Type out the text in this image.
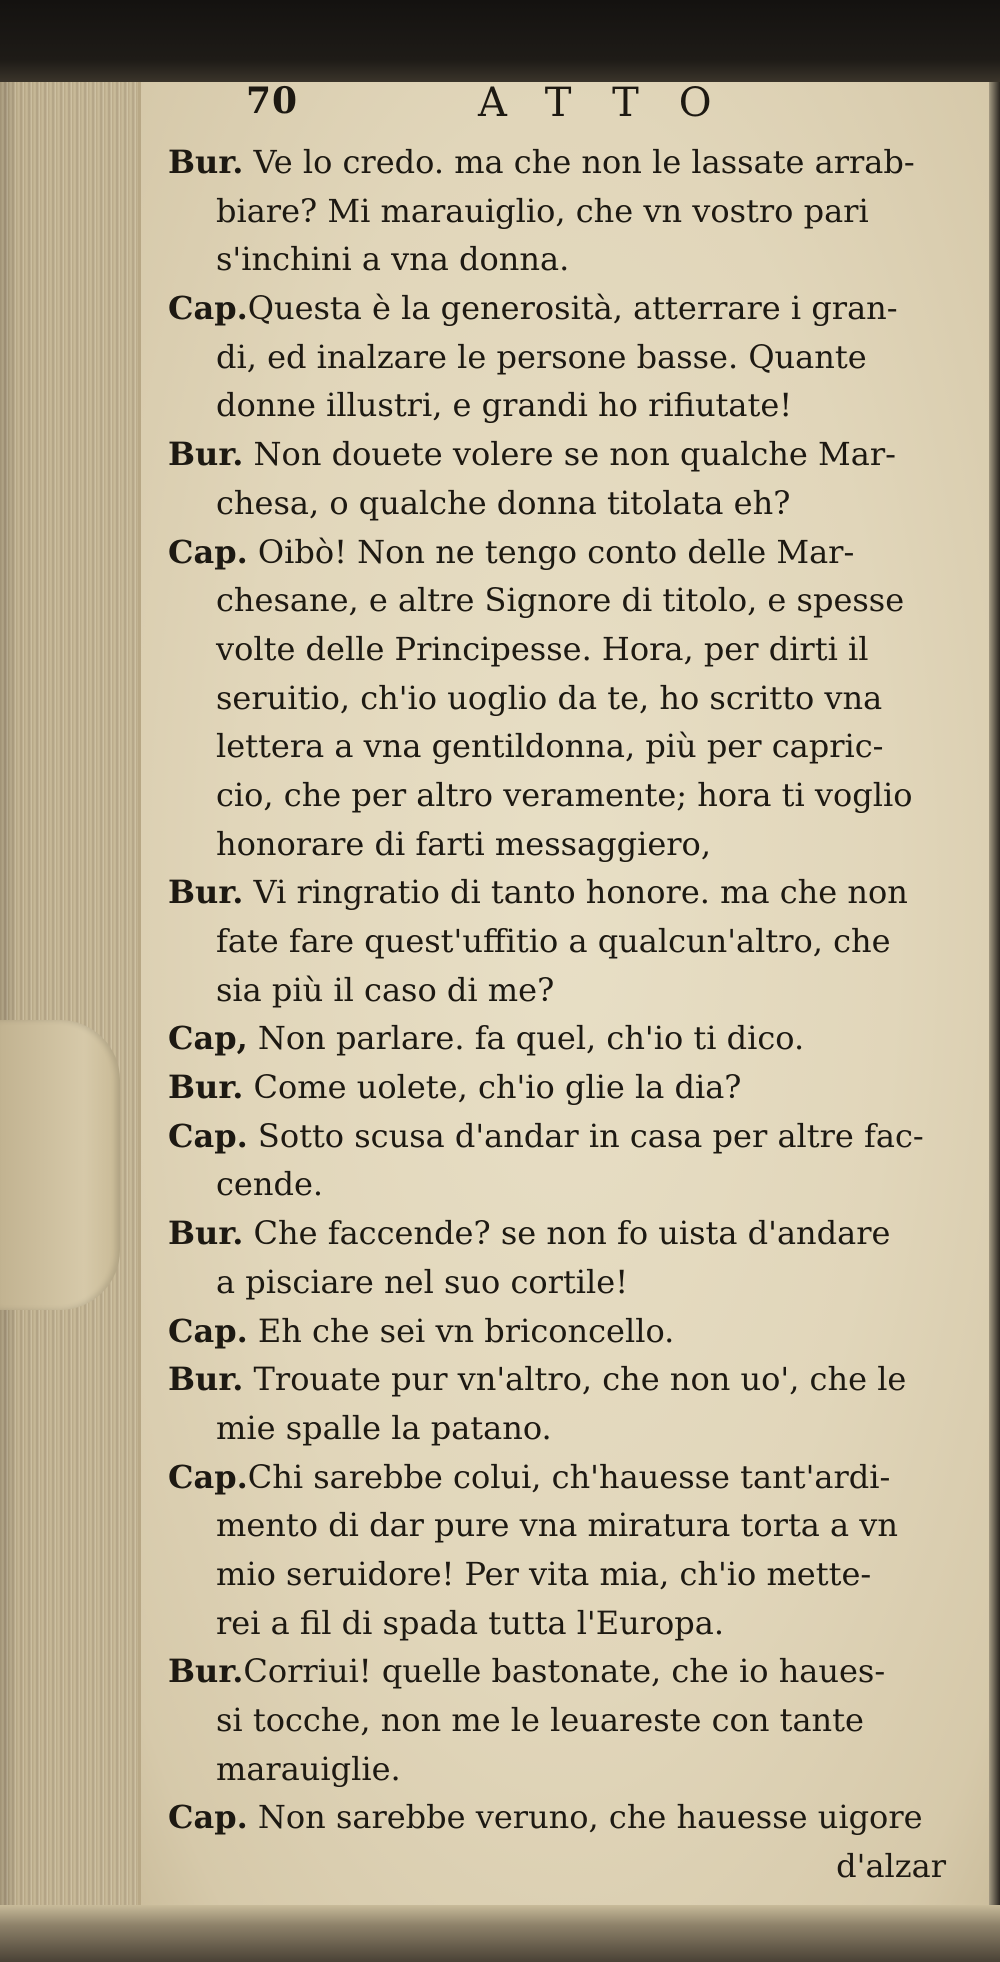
70	ATTO
Bur. Ve lo credo. ma che non le lassate arrab-
biare? Mi marauiglio, che vn vostro pari
s'inchini a vna donna.
Cap.Questa è la generosità, atterrare i gran-
di, ed inalzare le persone basse. Quante
donne illustri, e grandi ho rifiutate!
Bur. Non douete volere se non qualche Mar-
chesa, o qualche donna titolata eh?
Cap. Oibò! Non ne tengo conto delle Mar-
chesane, e altre Signore di titolo, e spesse
volte delle Principesse. Hora, per dirti il
seruitio, ch'io uoglio da te, ho scritto vna
lettera a vna gentildonna, più per capric-
cio, che per altro veramente; hora ti voglio
honorare di farti messaggiero,
Bur. Vi ringratio di tanto honore. ma che non
fate fare quest'uffitio a qualcun'altro, che
sia più il caso di me?
Cap, Non parlare. fa quel, ch'io ti dico.
Bur. Come uolete, ch'io glie la dia?
Cap. Sotto scusa d'andar in casa per altre fac-
cende.
Bur. Che faccende? se non fo uista d'andare
a pisciare nel suo cortile!
Cap. Eh che sei vn briconcello.
Bur. Trouate pur vn'altro, che non uo', che le
mie spalle la patano.
Cap.Chi sarebbe colui, ch'hauesse tant'ardi-
mento di dar pure vna miratura torta a vn
mio seruidore! Per vita mia, ch'io mette-
rei a fil di spada tutta l'Europa.
Bur.Corriui! quelle bastonate, che io haues-
si tocche, non me le leuareste con tante
marauiglie.
Cap. Non sarebbe veruno, che hauesse uigore
d'alzar
